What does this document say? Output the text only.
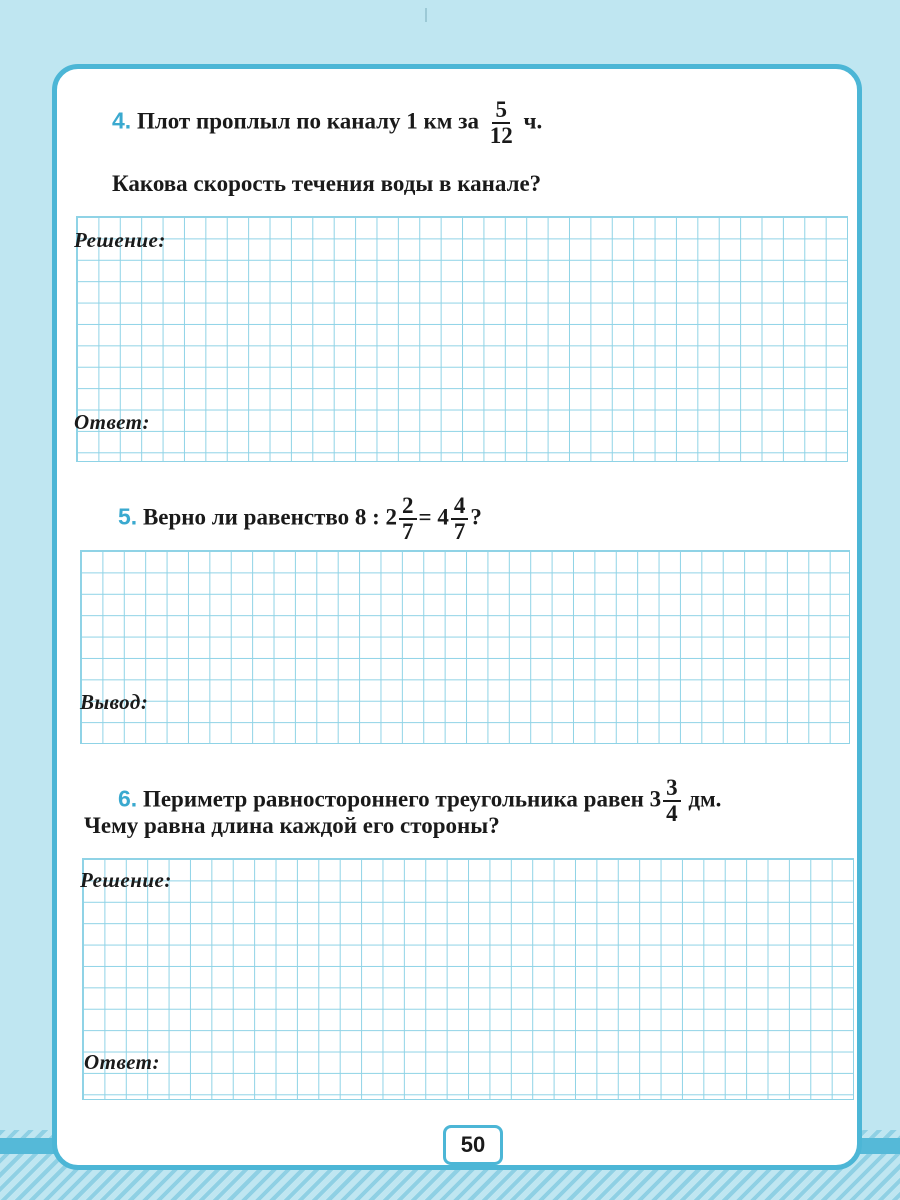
4. Плот проплыл по каналу 1 км за $\frac{5}{12} ч$.
Какова скорость течения воды в канале?
Решение:
Ответ:
5. Верно ли равенство 8 : $2 \frac{2}{7} = 4 \frac{4}{7}$ ?
Вывод:
6. Периметр равностороннего треугольника равен $3 \frac{3}{4}$ дм.
Чему равна длина каждой его стороны?
Решение:
Ответ:
50
